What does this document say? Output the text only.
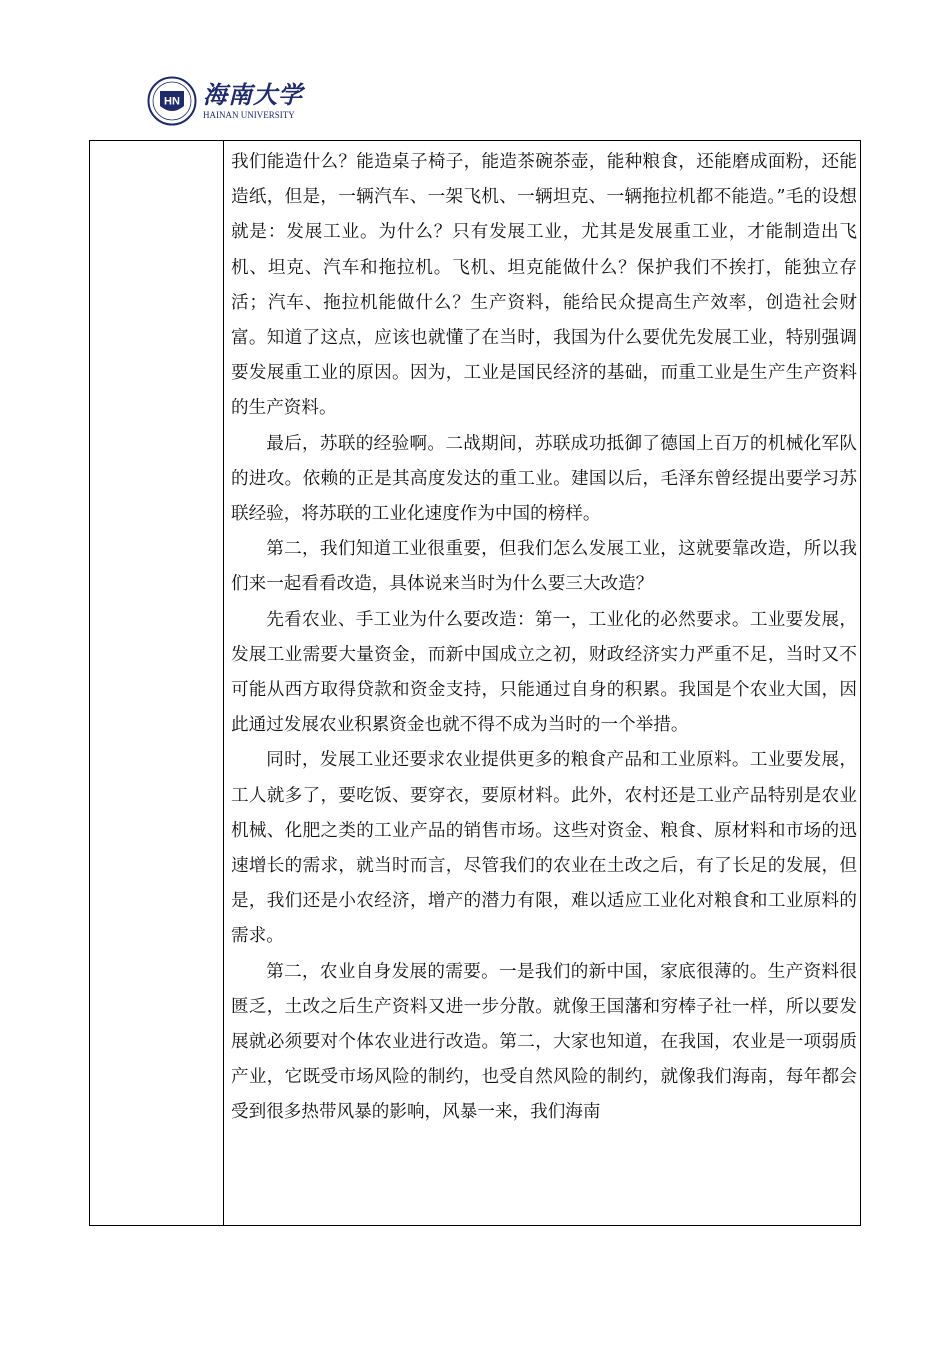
HN 海南大学
HAINAN UNIVERSITY

我们能造什么？能造桌子椅子，能造茶碗茶壶，能种粮食，还能磨成面粉，还能造纸，但是，一辆汽车、一架飞机、一辆坦克、一辆拖拉机都不能造。”毛的设想就是：发展工业。为什么？只有发展工业，尤其是发展重工业，才能制造出飞机、坦克、汽车和拖拉机。飞机、坦克能做什么？保护我们不挨打，能独立存活；汽车、拖拉机能做什么？生产资料，能给民众提高生产效率，创造社会财富。知道了这点，应该也就懂了在当时，我国为什么要优先发展工业，特别强调要发展重工业的原因。因为，工业是国民经济的基础，而重工业是生产生产资料的生产资料。

最后，苏联的经验啊。二战期间，苏联成功抵御了德国上百万的机械化军队的进攻。依赖的正是其高度发达的重工业。建国以后，毛泽东曾经提出要学习苏联经验，将苏联的工业化速度作为中国的榜样。

第二，我们知道工业很重要，但我们怎么发展工业，这就要靠改造，所以我们来一起看看改造，具体说来当时为什么要三大改造？

先看农业、手工业为什么要改造：第一，工业化的必然要求。工业要发展，发展工业需要大量资金，而新中国成立之初，财政经济实力严重不足，当时又不可能从西方取得贷款和资金支持，只能通过自身的积累。我国是个农业大国，因此通过发展农业积累资金也就不得不成为当时的一个举措。

同时，发展工业还要求农业提供更多的粮食产品和工业原料。工业要发展，工人就多了，要吃饭、要穿衣，要原材料。此外，农村还是工业产品特别是农业机械、化肥之类的工业产品的销售市场。这些对资金、粮食、原材料和市场的迅速增长的需求，就当时而言，尽管我们的农业在土改之后，有了长足的发展，但是，我们还是小农经济，增产的潜力有限，难以适应工业化对粮食和工业原料的需求。

第二，农业自身发展的需要。一是我们的新中国，家底很薄的。生产资料很匮乏，土改之后生产资料又进一步分散。就像王国藩和穷棒子社一样，所以要发展就必须要对个体农业进行改造。第二，大家也知道，在我国，农业是一项弱质产业，它既受市场风险的制约，也受自然风险的制约，就像我们海南，每年都会受到很多热带风暴的影响，风暴一来，我们海南
